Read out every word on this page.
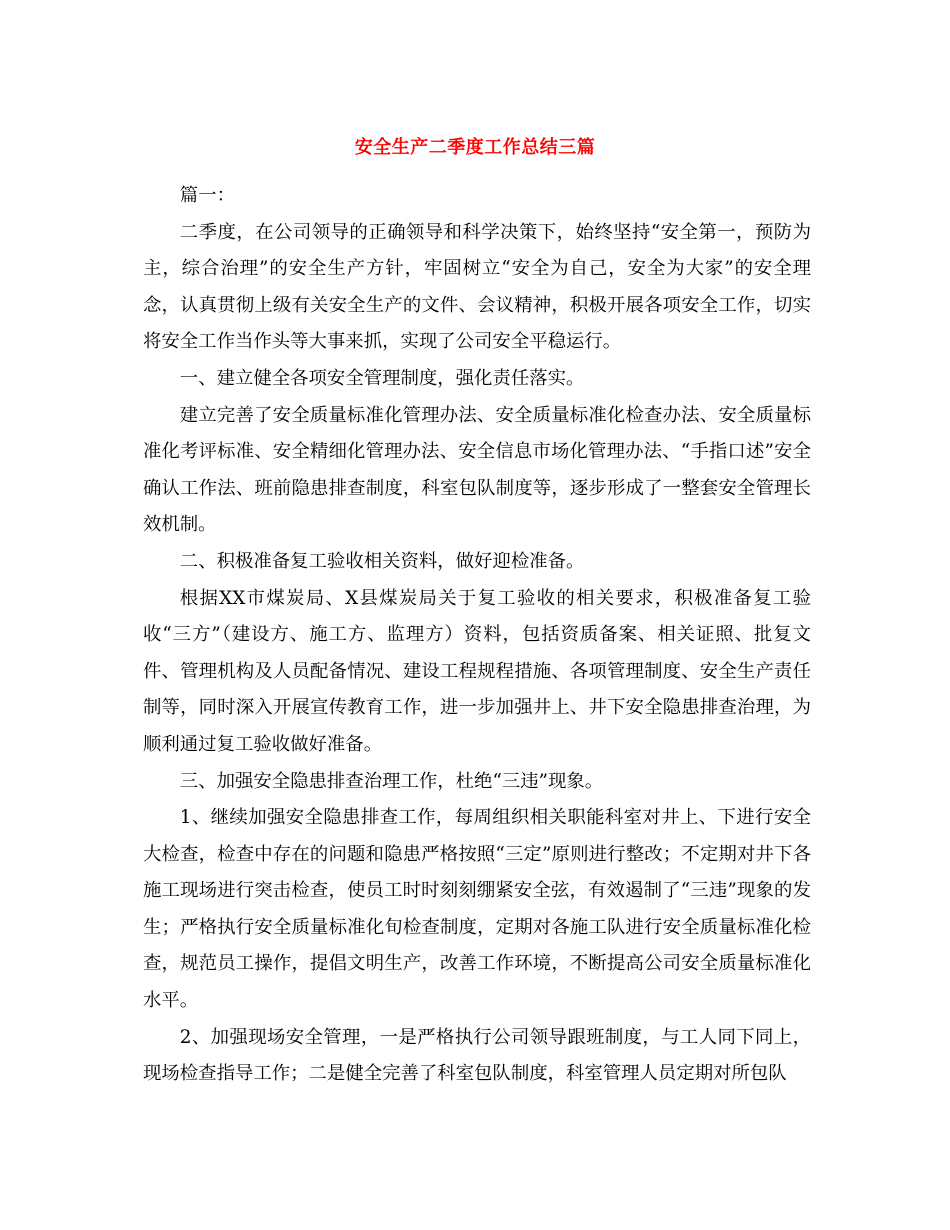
安全生产二季度工作总结三篇

篇一：

二季度，在公司领导的正确领导和科学决策下，始终坚持“安全第一，预防为主，综合治理”的安全生产方针，牢固树立“安全为自己，安全为大家”的安全理念，认真贯彻上级有关安全生产的文件、会议精神，积极开展各项安全工作，切实将安全工作当作头等大事来抓，实现了公司安全平稳运行。

一、建立健全各项安全管理制度，强化责任落实。

建立完善了安全质量标准化管理办法、安全质量标准化检查办法、安全质量标准化考评标准、安全精细化管理办法、安全信息市场化管理办法、“手指口述”安全确认工作法、班前隐患排查制度，科室包队制度等，逐步形成了一整套安全管理长效机制。

二、积极准备复工验收相关资料，做好迎检准备。

根据XX市煤炭局、X县煤炭局关于复工验收的相关要求，积极准备复工验收“三方”（建设方、施工方、监理方）资料，包括资质备案、相关证照、批复文件、管理机构及人员配备情况、建设工程规程措施、各项管理制度、安全生产责任制等，同时深入开展宣传教育工作，进一步加强井上、井下安全隐患排查治理，为顺利通过复工验收做好准备。

三、加强安全隐患排查治理工作，杜绝“三违”现象。

1、继续加强安全隐患排查工作，每周组织相关职能科室对井上、下进行安全大检查，检查中存在的问题和隐患严格按照“三定”原则进行整改；不定期对井下各施工现场进行突击检查，使员工时时刻刻绷紧安全弦，有效遏制了“三违”现象的发生；严格执行安全质量标准化旬检查制度，定期对各施工队进行安全质量标准化检查，规范员工操作，提倡文明生产，改善工作环境，不断提高公司安全质量标准化水平。

2、加强现场安全管理，一是严格执行公司领导跟班制度，与工人同下同上，现场检查指导工作；二是健全完善了科室包队制度，科室管理人员定期对所包队
